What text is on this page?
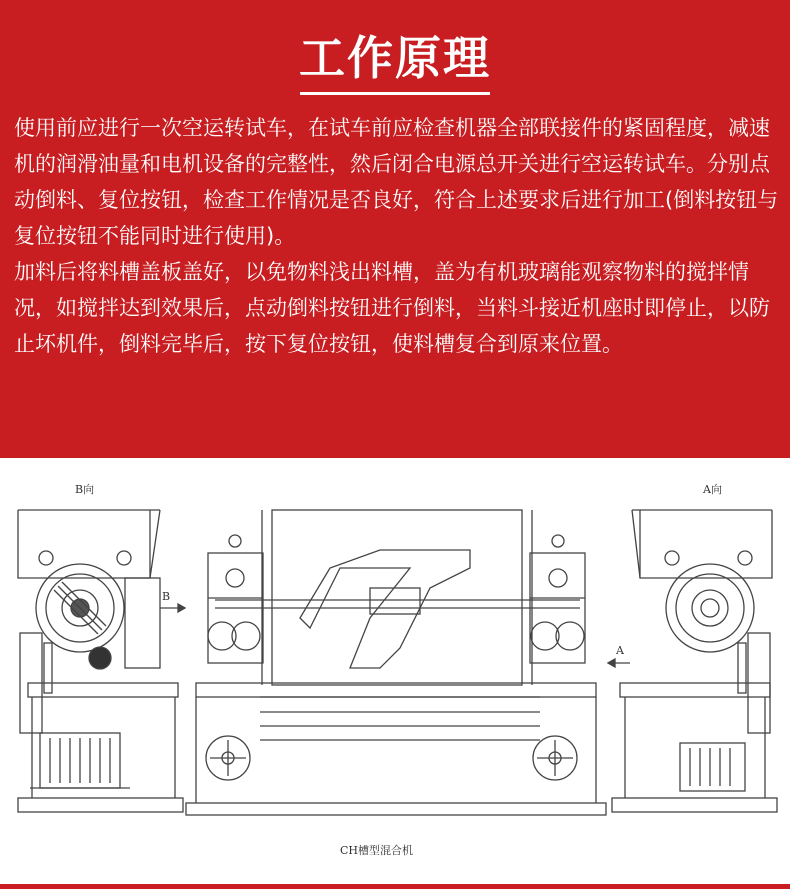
工作原理

使用前应进行一次空运转试车，在试车前应检查机器全部联接件的紧固程度，减速机的润滑油量和电机设备的完整性，然后闭合电源总开关进行空运转试车。分别点动倒料、复位按钮，检查工作情况是否良好，符合上述要求后进行加工(倒料按钮与复位按钮不能同时进行使用)。

加料后将料槽盖板盖好，以免物料浅出料槽，盖为有机玻璃能观察物料的搅拌情况，如搅拌达到效果后，点动倒料按钮进行倒料，当料斗接近机座时即停止，以防止坏机件，倒料完毕后，按下复位按钮，使料槽复合到原来位置。

B向	A向
B
A
CH槽型混合机
